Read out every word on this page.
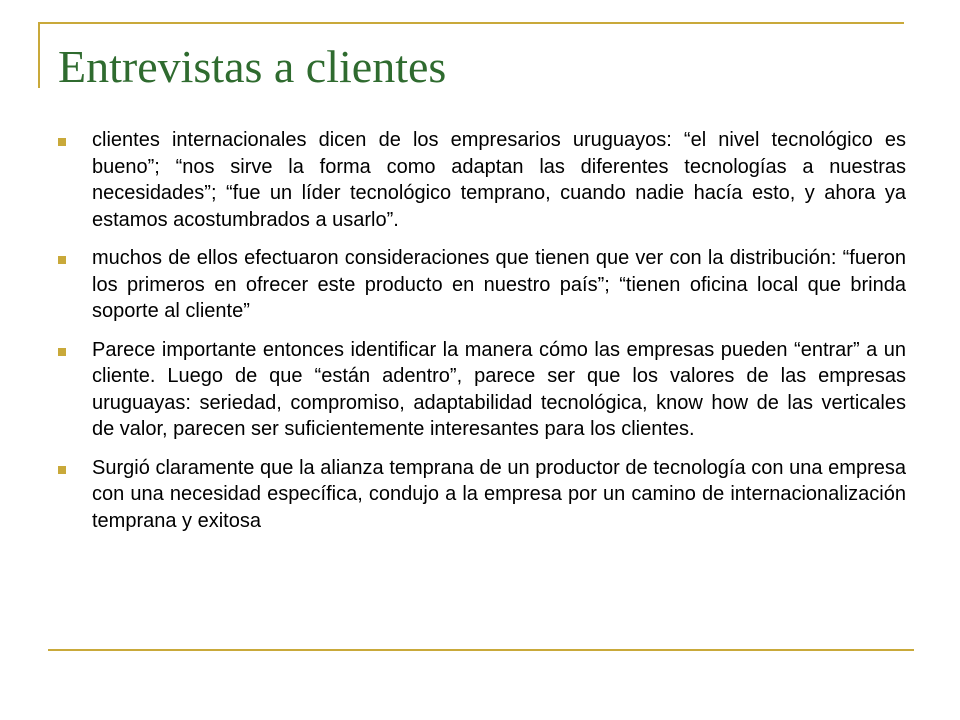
Entrevistas a clientes
clientes internacionales dicen de los empresarios uruguayos: “el nivel tecnológico es bueno”; “nos sirve la forma como adaptan las diferentes tecnologías a nuestras necesidades”; “fue un líder tecnológico temprano, cuando nadie hacía esto, y ahora ya estamos acostumbrados a usarlo”.
muchos de ellos efectuaron consideraciones que tienen que ver con la distribución: “fueron los primeros en ofrecer este producto en nuestro país”; “tienen oficina local que brinda soporte al cliente”
Parece importante entonces identificar la manera cómo las empresas pueden “entrar” a un cliente. Luego de que “están adentro”, parece ser que los valores de las empresas uruguayas: seriedad, compromiso, adaptabilidad tecnológica, know how de las verticales de valor, parecen ser suficientemente interesantes para los clientes.
Surgió claramente que la alianza temprana de un productor de tecnología con una empresa con una necesidad específica, condujo a la empresa por un camino de internacionalización temprana y exitosa
